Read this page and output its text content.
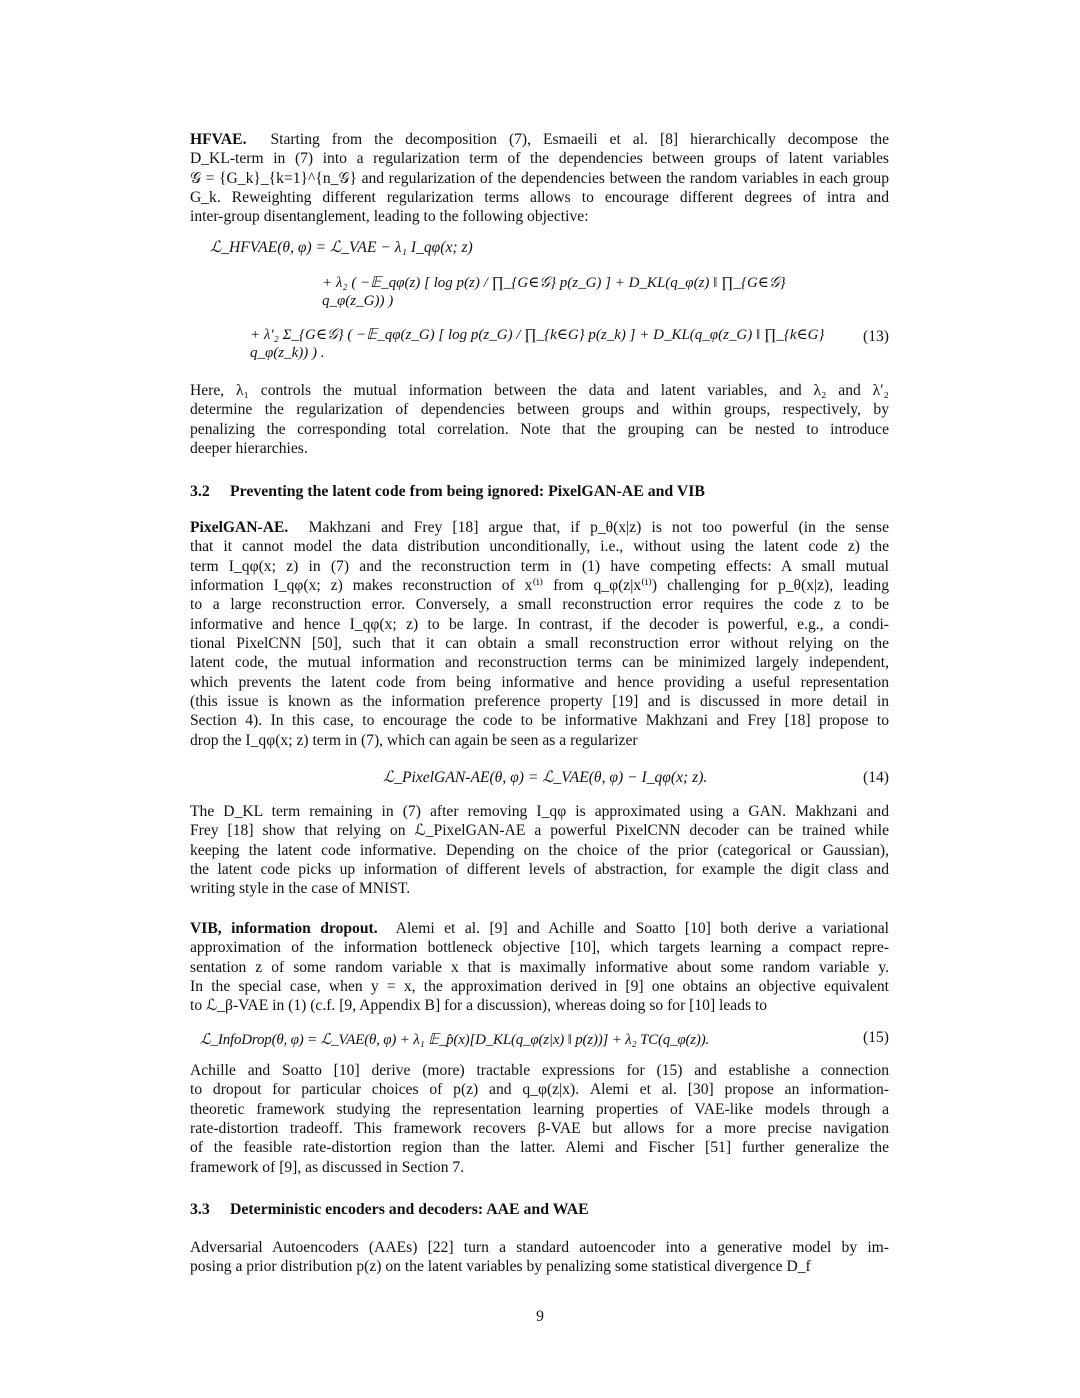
HFVAE.  Starting from the decomposition (7), Esmaeili et al. [8] hierarchically decompose the
D_KL-term in (7) into a regularization term of the dependencies between groups of latent variables
𝒢 = {G_k}_{k=1}^{n_𝒢} and regularization of the dependencies between the random variables in each group
G_k. Reweighting different regularization terms allows to encourage different degrees of intra and
inter-group disentanglement, leading to the following objective:
Here, λ₁ controls the mutual information between the data and latent variables, and λ₂ and λ′₂
determine the regularization of dependencies between groups and within groups, respectively, by
penalizing the corresponding total correlation. Note that the grouping can be nested to introduce
deeper hierarchies.
PixelGAN-AE.  Makhzani and Frey [18] argue that, if p_θ(x|z) is not too powerful (in the sense
that it cannot model the data distribution unconditionally, i.e., without using the latent code z) the
term I_qφ(x; z) in (7) and the reconstruction term in (1) have competing effects: A small mutual
information I_qφ(x; z) makes reconstruction of x⁽ⁱ⁾ from q_φ(z|x⁽ⁱ⁾) challenging for p_θ(x|z), leading
to a large reconstruction error. Conversely, a small reconstruction error requires the code z to be
informative and hence I_qφ(x; z) to be large. In contrast, if the decoder is powerful, e.g., a condi-
tional PixelCNN [50], such that it can obtain a small reconstruction error without relying on the
latent code, the mutual information and reconstruction terms can be minimized largely independent,
which prevents the latent code from being informative and hence providing a useful representation
(this issue is known as the information preference property [19] and is discussed in more detail in
Section 4). In this case, to encourage the code to be informative Makhzani and Frey [18] propose to
drop the I_qφ(x; z) term in (7), which can again be seen as a regularizer
The D_KL term remaining in (7) after removing I_qφ is approximated using a GAN. Makhzani and
Frey [18] show that relying on ℒ_PixelGAN-AE a powerful PixelCNN decoder can be trained while
keeping the latent code informative. Depending on the choice of the prior (categorical or Gaussian),
the latent code picks up information of different levels of abstraction, for example the digit class and
writing style in the case of MNIST.
VIB, information dropout.  Alemi et al. [9] and Achille and Soatto [10] both derive a variational
approximation of the information bottleneck objective [10], which targets learning a compact repre-
sentation z of some random variable x that is maximally informative about some random variable y.
In the special case, when y = x, the approximation derived in [9] one obtains an objective equivalent
to ℒ_β-VAE in (1) (c.f. [9, Appendix B] for a discussion), whereas doing so for [10] leads to
Achille and Soatto [10] derive (more) tractable expressions for (15) and establishe a connection
to dropout for particular choices of p(z) and q_φ(z|x). Alemi et al. [30] propose an information-
theoretic framework studying the representation learning properties of VAE-like models through a
rate-distortion tradeoff. This framework recovers β-VAE but allows for a more precise navigation
of the feasible rate-distortion region than the latter. Alemi and Fischer [51] further generalize the
framework of [9], as discussed in Section 7.
Adversarial Autoencoders (AAEs) [22] turn a standard autoencoder into a generative model by im-
posing a prior distribution p(z) on the latent variables by penalizing some statistical divergence D_f
3.2 Preventing the latent code from being ignored: PixelGAN-AE and VIB
3.3 Deterministic encoders and decoders: AAE and WAE
ℒ_HFVAE(θ, φ) = ℒ_VAE − λ₁ I_qφ(x; z)
+ λ₂ ( −𝔼_qφ(z) [ log p(z) / ∏_{G∈𝒢} p(z_G) ] + D_KL(q_φ(z) ‖ ∏_{G∈𝒢} q_φ(z_G)) )
+ λ′₂ Σ_{G∈𝒢} ( −𝔼_qφ(z_G) [ log p(z_G) / ∏_{k∈G} p(z_k) ] + D_KL(q_φ(z_G) ‖ ∏_{k∈G} q_φ(z_k)) ) .
(13)
ℒ_PixelGAN-AE(θ, φ) = ℒ_VAE(θ, φ) − I_qφ(x; z).	(14)
ℒ_InfoDrop(θ, φ) = ℒ_VAE(θ, φ) + λ₁ 𝔼_p̂(x)[D_KL(q_φ(z|x) ‖ p(z))] + λ₂ TC(q_φ(z)).	(15)
9
